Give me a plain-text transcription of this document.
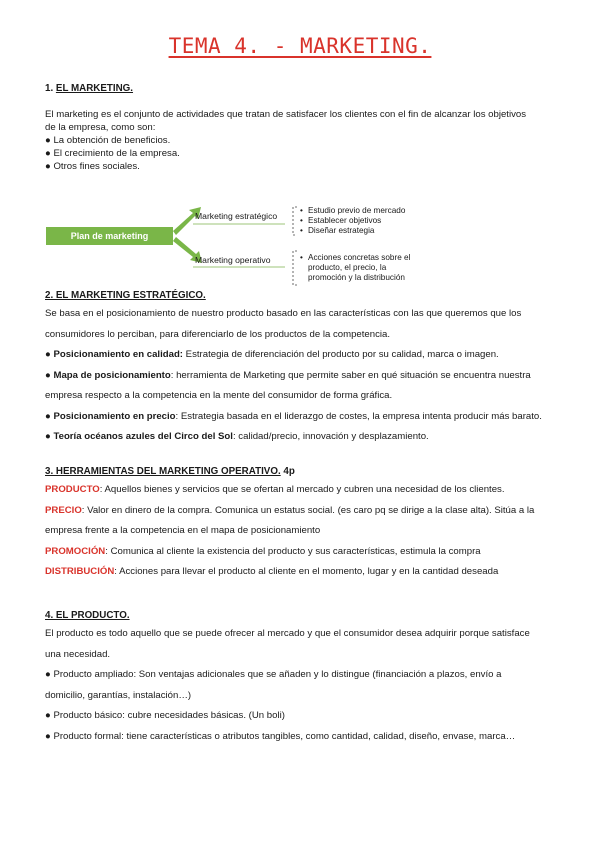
TEMA 4. - MARKETING.
1. EL MARKETING.
El marketing es el conjunto de actividades que tratan de satisfacer los clientes con el fin de alcanzar los objetivos
de la empresa, como son:
● La obtención de beneficios.
● El crecimiento de la empresa.
● Otros fines sociales.
Plan de marketing
Marketing estratégico
Marketing operativo
• Estudio previo de mercado
• Establecer objetivos
• Diseñar estrategia
• Acciones concretas sobre el
producto, el precio, la
promoción y la distribución
2. EL MARKETING ESTRATÉGICO.
Se basa en el posicionamiento de nuestro producto basado en las características con las que queremos que los
consumidores lo perciban, para diferenciarlo de los productos de la competencia.
● Posicionamiento en calidad: Estrategia de diferenciación del producto por su calidad, marca o imagen.
● Mapa de posicionamiento: herramienta de Marketing que permite saber en qué situación se encuentra nuestra
empresa respecto a la competencia en la mente del consumidor de forma gráfica.
● Posicionamiento en precio: Estrategia basada en el liderazgo de costes, la empresa intenta producir más barato.
● Teoría océanos azules del Circo del Sol: calidad/precio, innovación y desplazamiento.
3. HERRAMIENTAS DEL MARKETING OPERATIVO. 4p
PRODUCTO: Aquellos bienes y servicios que se ofertan al mercado y cubren una necesidad de los clientes.
PRECIO: Valor en dinero de la compra. Comunica un estatus social. (es caro pq se dirige a la clase alta). Sitúa a la
empresa frente a la competencia en el mapa de posicionamiento
PROMOCIÓN: Comunica al cliente la existencia del producto y sus características, estimula la compra
DISTRIBUCIÓN: Acciones para llevar el producto al cliente en el momento, lugar y en la cantidad deseada
4. EL PRODUCTO.
El producto es todo aquello que se puede ofrecer al mercado y que el consumidor desea adquirir porque satisface
una necesidad.
● Producto ampliado: Son ventajas adicionales que se añaden y lo distingue (financiación a plazos, envío a
domicilio, garantías, instalación…)
● Producto básico: cubre necesidades básicas. (Un boli)
● Producto formal: tiene características o atributos tangibles, como cantidad, calidad, diseño, envase, marca…
